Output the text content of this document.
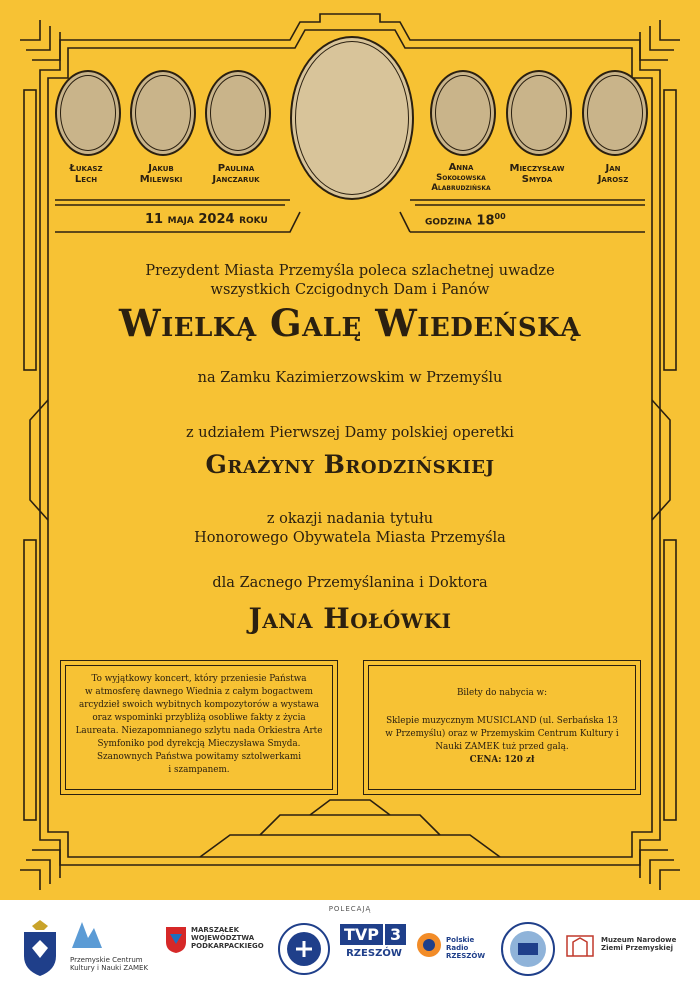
Łukasz
Lech
Jakub
Milewski
Paulina
Janczaruk
Anna
Sokołowska
Alabrudzińska
Mieczysław
Smyda
Jan
Jarosz
11 maja 2024 roku	godzina $18^{00}$
Prezydent Miasta Przemyśla poleca szlachetnej uwadze
wszystkich Czcigodnych Dam i Panów
Wielką Galę Wiedeńską
na Zamku Kazimierzowskim w Przemyślu
z udziałem Pierwszej Damy polskiej operetki
Grażyny Brodzińskiej
z okazji nadania tytułu
Honorowego Obywatela Miasta Przemyśla
dla Zacnego Przemyślanina i Doktora
Jana Hołówki
To wyjątkowy koncert, który przeniesie Państwa
w atmosferę dawnego Wiednia z całym bogactwem
arcydzieł swoich wybitnych kompozytorów a wystawa
oraz wspominki przybliżą osobliwe fakty z życia
Laureata. Niezapomnianego szlytu nada Orkiestra Arte
Symfoniko pod dyrekcją Mieczysława Smyda.
Szanownych Państwa powitamy sztolwerkami
i szampanem.
Bilety do nabycia w:
Sklepie muzycznym MUSICLAND (ul. Serbańska 13
w Przemyślu) oraz w Przemyskim Centrum Kultury i
Nauki ZAMEK tuż przed galą.
CENA: 120 zł
POLECAJĄ
Przemyskie Centrum
Kultury i Nauki ZAMEK
MARSZAŁEK
WOJEWÓDZTWA
PODKARPACKIEGO
TVP 3
RZESZÓW
Polskie Radio
RZESZÓW
Muzeum Narodowe
Ziemi Przemyskiej
